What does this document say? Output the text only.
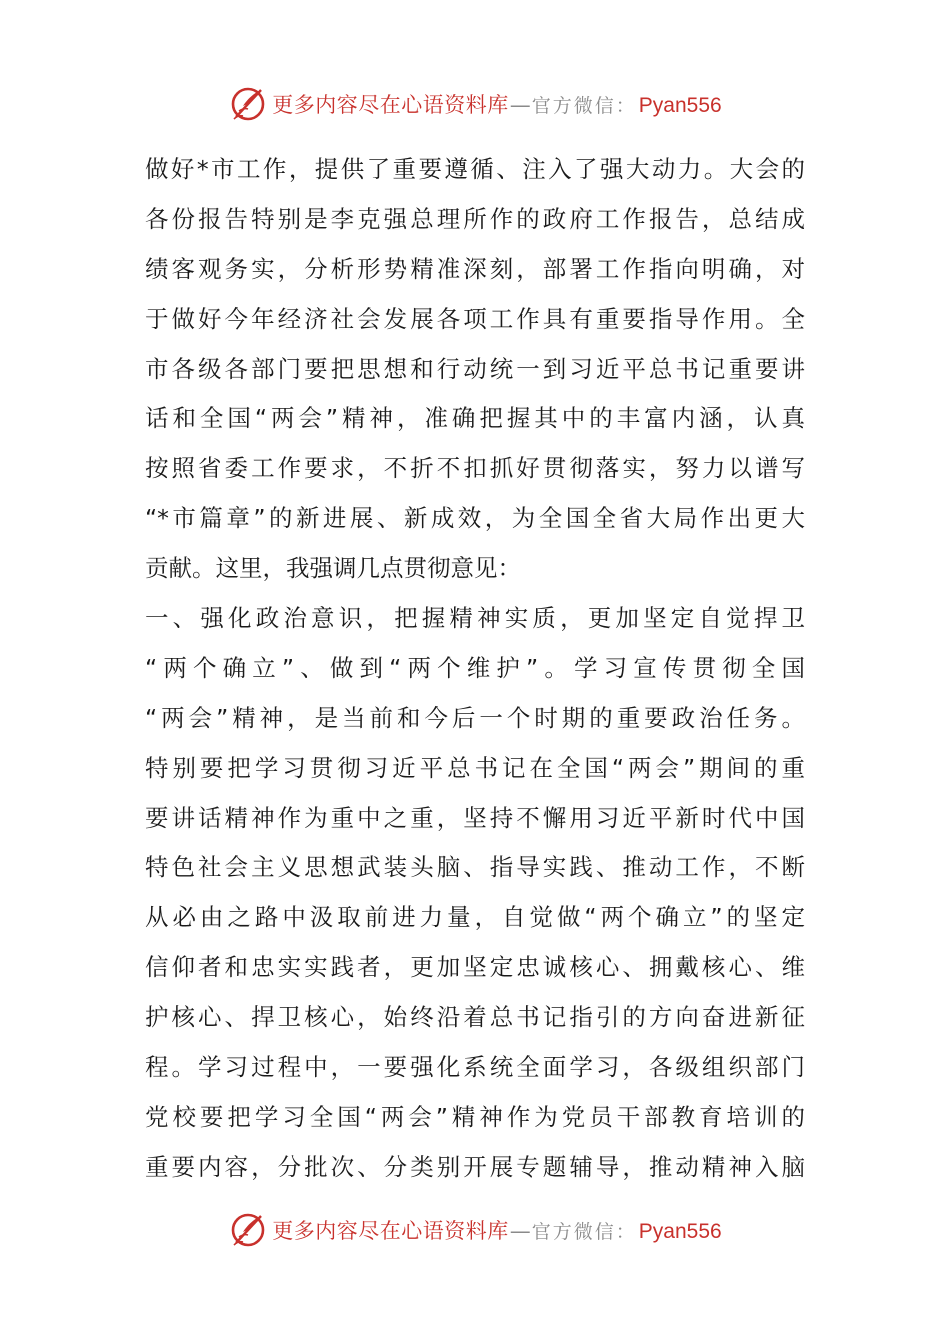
更多内容尽在心语资料库 — 官方微信： Pyan556
做好*市工作，提供了重要遵循、注入了强大动力。大会的
各份报告特别是李克强总理所作的政府工作报告，总结成
绩客观务实，分析形势精准深刻，部署工作指向明确，对
于做好今年经济社会发展各项工作具有重要指导作用。全
市各级各部门要把思想和行动统一到习近平总书记重要讲
话和全国“两会”精神，准确把握其中的丰富内涵，认真
按照省委工作要求，不折不扣抓好贯彻落实，努力以谱写
“*市篇章”的新进展、新成效，为全国全省大局作出更大
贡献。这里，我强调几点贯彻意见：
一、强化政治意识，把握精神实质，更加坚定自觉捍卫
“两个确立”、做到“两个维护”。学习宣传贯彻全国
“两会”精神，是当前和今后一个时期的重要政治任务。
特别要把学习贯彻习近平总书记在全国“两会”期间的重
要讲话精神作为重中之重，坚持不懈用习近平新时代中国
特色社会主义思想武装头脑、指导实践、推动工作，不断
从必由之路中汲取前进力量，自觉做“两个确立”的坚定
信仰者和忠实实践者，更加坚定忠诚核心、拥戴核心、维
护核心、捍卫核心，始终沿着总书记指引的方向奋进新征
程。学习过程中，一要强化系统全面学习，各级组织部门
党校要把学习全国“两会”精神作为党员干部教育培训的
重要内容，分批次、分类别开展专题辅导，推动精神入脑
更多内容尽在心语资料库 — 官方微信： Pyan556
